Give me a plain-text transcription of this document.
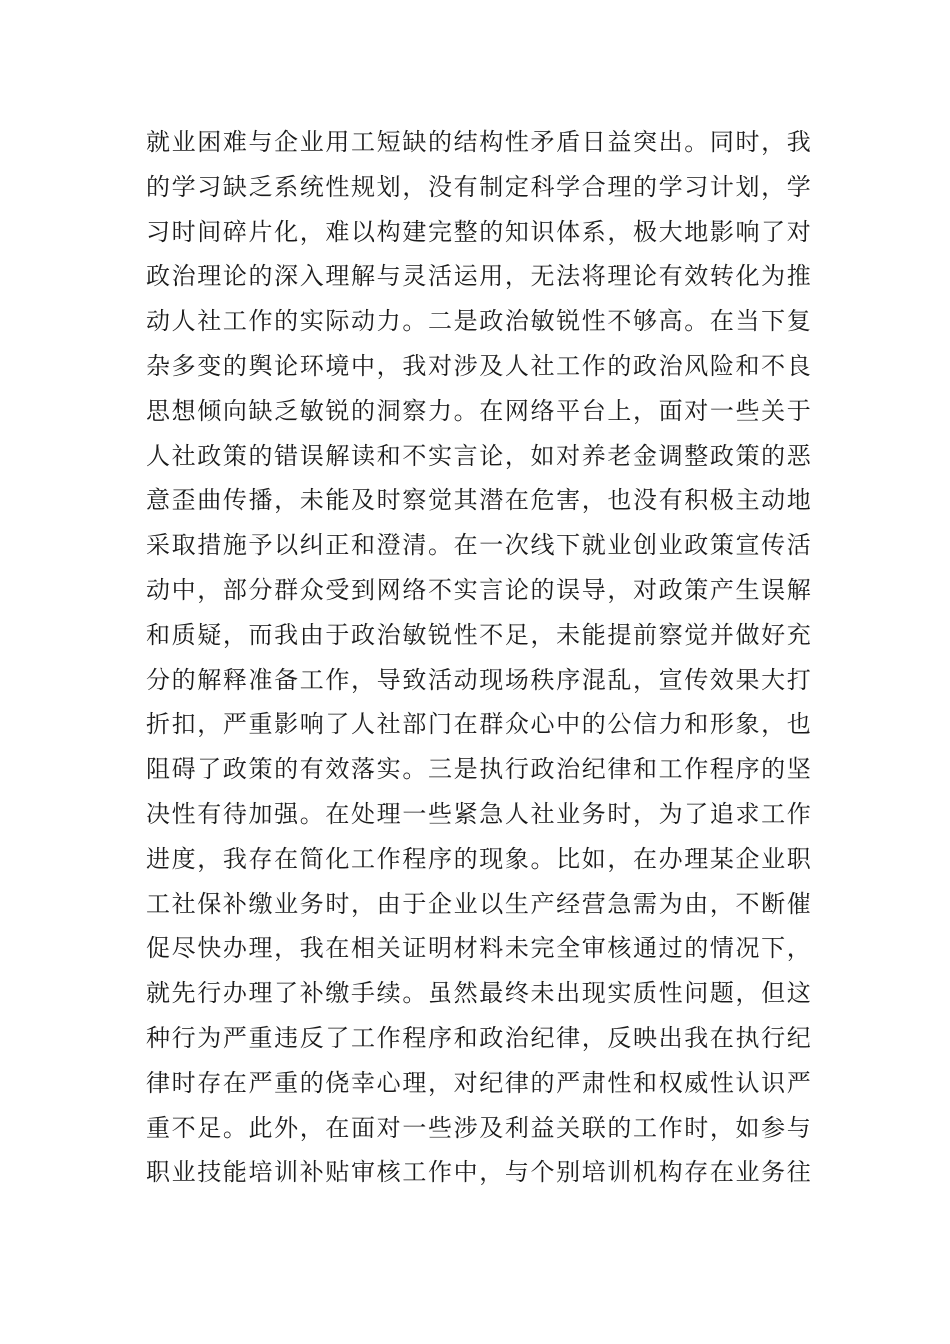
就业困难与企业用工短缺的结构性矛盾日益突出。同时，我
的学习缺乏系统性规划，没有制定科学合理的学习计划，学
习时间碎片化，难以构建完整的知识体系，极大地影响了对
政治理论的深入理解与灵活运用，无法将理论有效转化为推
动人社工作的实际动力。二是政治敏锐性不够高。在当下复
杂多变的舆论环境中，我对涉及人社工作的政治风险和不良
思想倾向缺乏敏锐的洞察力。在网络平台上，面对一些关于
人社政策的错误解读和不实言论，如对养老金调整政策的恶
意歪曲传播，未能及时察觉其潜在危害，也没有积极主动地
采取措施予以纠正和澄清。在一次线下就业创业政策宣传活
动中，部分群众受到网络不实言论的误导，对政策产生误解
和质疑，而我由于政治敏锐性不足，未能提前察觉并做好充
分的解释准备工作，导致活动现场秩序混乱，宣传效果大打
折扣，严重影响了人社部门在群众心中的公信力和形象，也
阻碍了政策的有效落实。三是执行政治纪律和工作程序的坚
决性有待加强。在处理一些紧急人社业务时，为了追求工作
进度，我存在简化工作程序的现象。比如，在办理某企业职
工社保补缴业务时，由于企业以生产经营急需为由，不断催
促尽快办理，我在相关证明材料未完全审核通过的情况下，
就先行办理了补缴手续。虽然最终未出现实质性问题，但这
种行为严重违反了工作程序和政治纪律，反映出我在执行纪
律时存在严重的侥幸心理，对纪律的严肃性和权威性认识严
重不足。此外，在面对一些涉及利益关联的工作时，如参与
职业技能培训补贴审核工作中，与个别培训机构存在业务往
